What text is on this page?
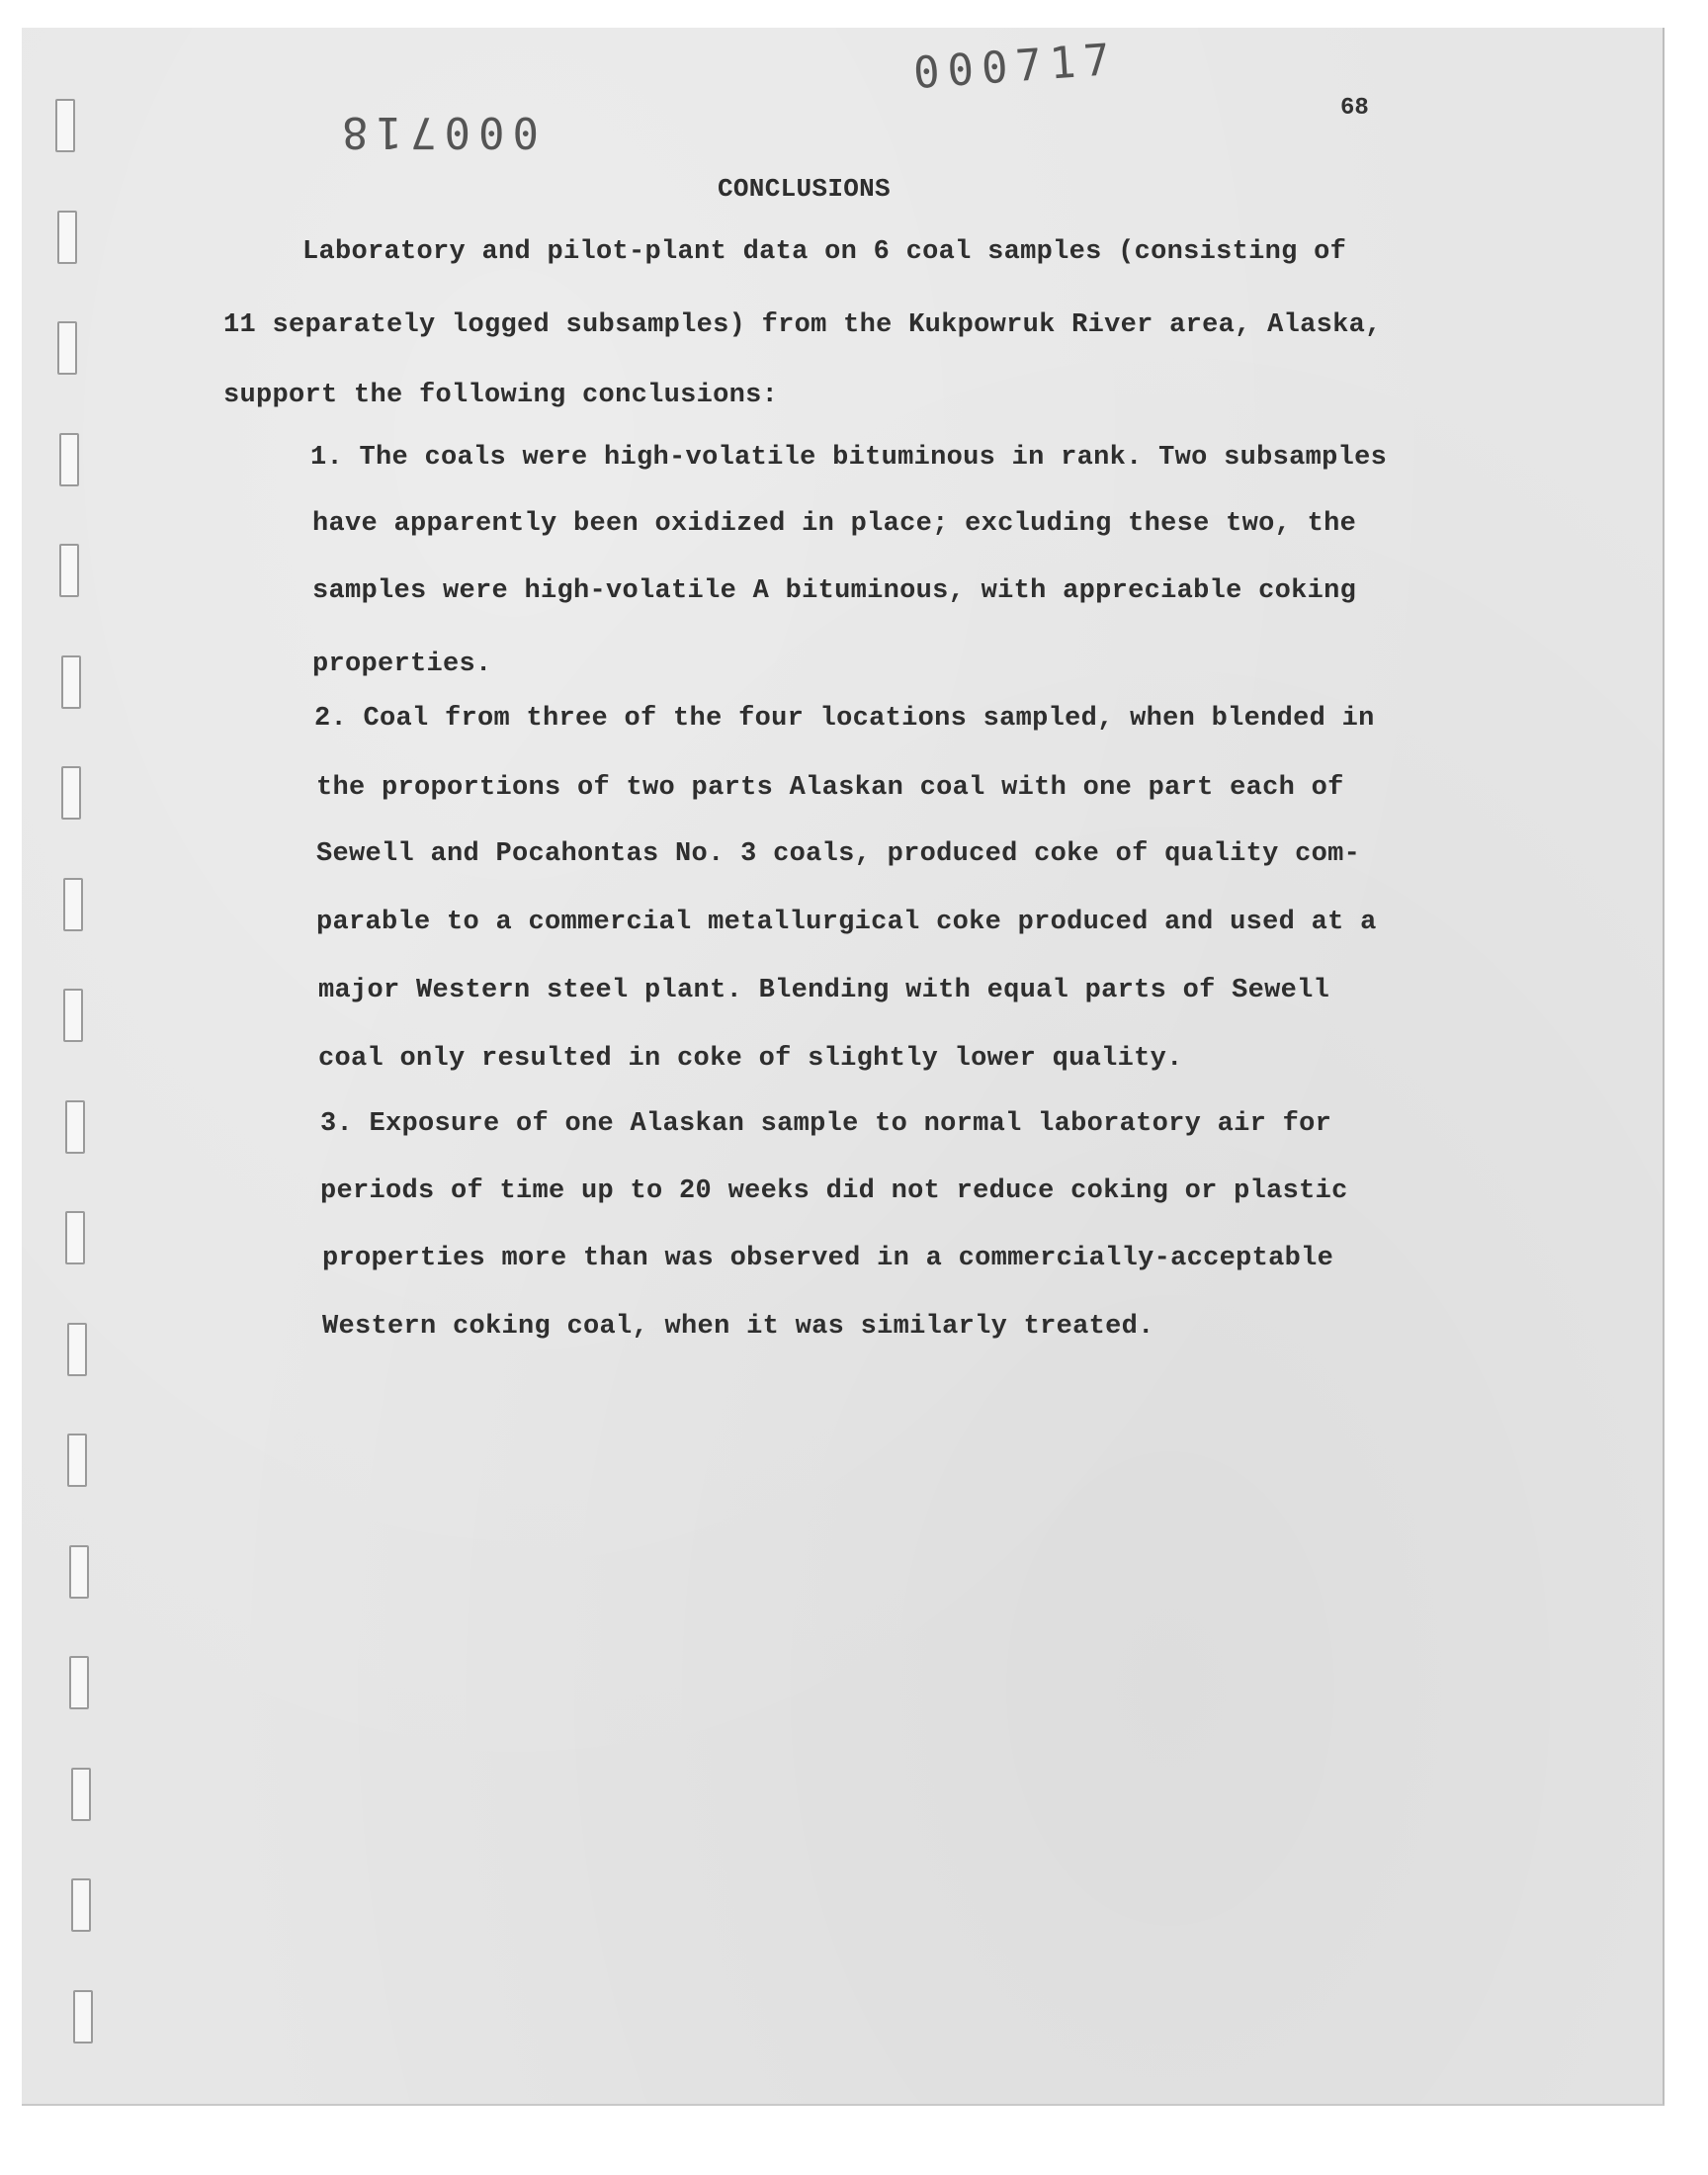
000717
000718	68
CONCLUSIONS
Laboratory and pilot-plant data on 6 coal samples (consisting of
11 separately logged subsamples) from the Kukpowruk River area, Alaska,
support the following conclusions:
1. The coals were high-volatile bituminous in rank. Two subsamples
have apparently been oxidized in place; excluding these two, the
samples were high-volatile A bituminous, with appreciable coking
properties.
2. Coal from three of the four locations sampled, when blended in
the proportions of two parts Alaskan coal with one part each of
Sewell and Pocahontas No. 3 coals, produced coke of quality com-
parable to a commercial metallurgical coke produced and used at a
major Western steel plant. Blending with equal parts of Sewell
coal only resulted in coke of slightly lower quality.
3. Exposure of one Alaskan sample to normal laboratory air for
periods of time up to 20 weeks did not reduce coking or plastic
properties more than was observed in a commercially-acceptable
Western coking coal, when it was similarly treated.
